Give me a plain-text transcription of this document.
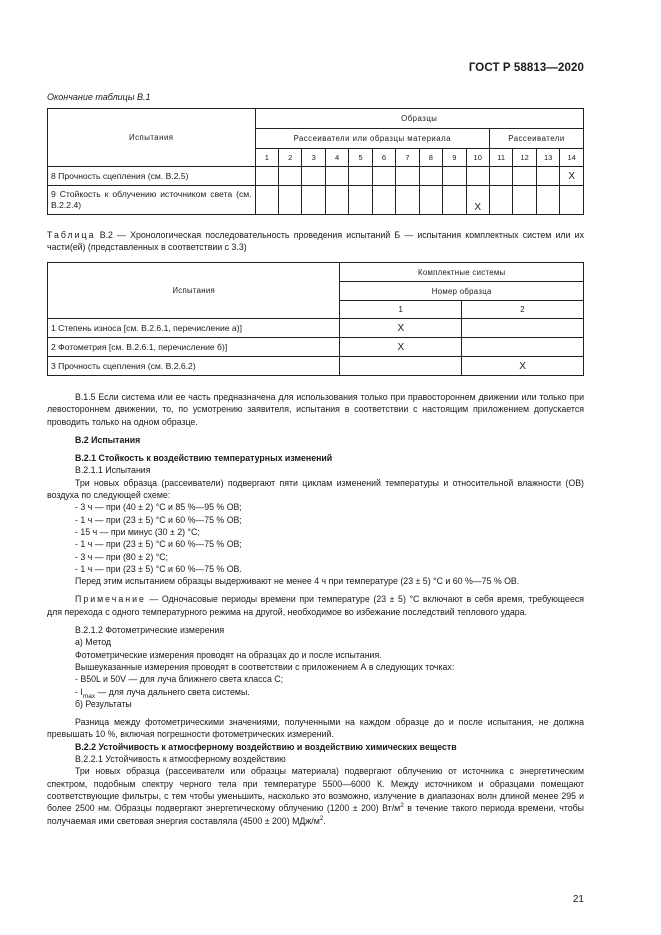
ГОСТ Р 58813—2020
Окончание таблицы В.1
Испытания	Образцы													
	Рассеиватели или образцы материала										Рассеиватели			
	1	2	3	4	5	6	7	8	9	10	11	12	13	14
8 Прочность сцепления (см. В.2.5)														Х
9 Стойкость к облучению источником света (см. В.2.2.4)										Х				
Таблица В.2 — Хронологическая последовательность проведения испытаний Б — испытания комплектных систем или их части(ей) (представленных в соответствии с 3.3)
Испытания	Комплектные системы	
	Номер образца	
	1	2
1 Степень износа [см. В.2.6.1, перечисление а)]	Х	
2 Фотометрия [см. В.2.6.1, перечисление б)]	Х	
3 Прочность сцепления (см. В.2.6.2)		Х

В.1.5 Если система или ее часть предназначена для использования только при правостороннем движении или только при левостороннем движении, то, по усмотрению заявителя, испытания в соответствии с настоящим приложением допускается проводить только на одном образце.

В.2 Испытания

В.2.1 Стойкость к воздействию температурных изменений

В.2.1.1 Испытания

Три новых образца (рассеиватели) подвергают пяти циклам изменений температуры и относительной влажности (ОВ) воздуха по следующей схеме:

- 3 ч — при (40 ± 2) °С и 85 %—95 % ОВ;

- 1 ч — при (23 ± 5) °С и 60 %—75 % ОВ;

- 15 ч — при минус (30 ± 2) °С;

- 1 ч — при (23 ± 5) °С и 60 %—75 % ОВ;

- 3 ч — при (80 ± 2) °С;

- 1 ч — при (23 ± 5) °С и 60 %—75 % ОВ.

Перед этим испытанием образцы выдерживают не менее 4 ч при температуре (23 ± 5) °С и 60 %—75 % ОВ.

Примечание — Одночасовые периоды времени при температуре (23 ± 5) °С включают в себя время, требующееся для перехода с одного температурного режима на другой, необходимое во избежание последствий теплового удара.

В.2.1.2 Фотометрические измерения

а) Метод

Фотометрические измерения проводят на образцах до и после испытания.

Вышеуказанные измерения проводят в соответствии с приложением А в следующих точках:

- B50L и 50V — для луча ближнего света класса С;

- $I_{max}$ — для луча дальнего света системы.

б) Результаты

Разница между фотометрическими значениями, полученными на каждом образце до и после испытания, не должна превышать 10 %, включая погрешности фотометрических измерений.

В.2.2 Устойчивость к атмосферному воздействию и воздействию химических веществ

В.2.2.1 Устойчивость к атмосферному воздействию

Три новых образца (рассеиватели или образцы материала) подвергают облучению от источника с энергетическим спектром, подобным спектру черного тела при температуре 5500—6000 К. Между источником и образцами помещают соответствующие фильтры, с тем чтобы уменьшить, насколько это возможно, излучение в диапазонах волн длиной менее 295 и более 2500 нм. Образцы подвергают энергетическому облучению (1200 ± 200) $Вт/м^2$ в течение такого периода времени, чтобы получаемая ими световая энергия составляла (4500 ± 200) МДж/$м^2$.

21
